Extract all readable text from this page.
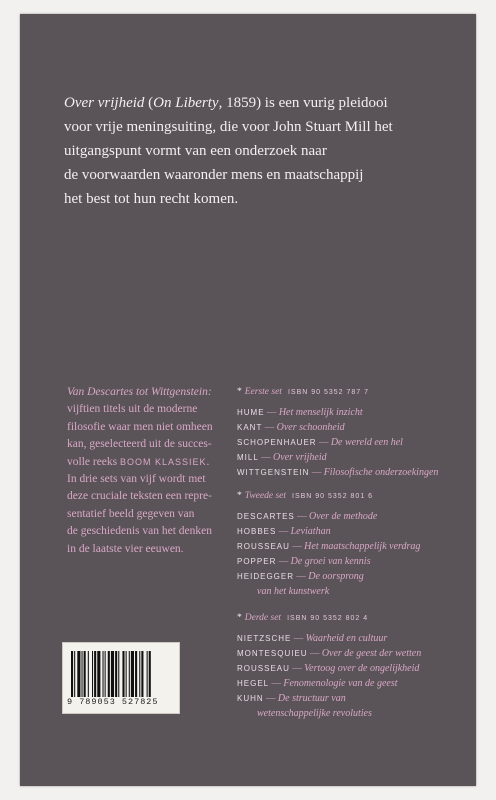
Over vrijheid (On Liberty, 1859) is een vurig pleidooi

voor vrije meningsuiting, die voor John Stuart Mill het

uitgangspunt vormt van een onderzoek naar

de voorwaarden waaronder mens en maatschappij

het best tot hun recht komen.

Van Descartes tot Wittgenstein:

vijftien titels uit de moderne

filosofie waar men niet omheen

kan, geselecteerd uit de succes-

volle reeks BOOM KLASSIEK.

In drie sets van vijf wordt met

deze cruciale teksten een repre-

sentatief beeld gegeven van

de geschiedenis van het denken

in de laatste vier eeuwen.

* Eerste set ISBN 90 5352 787 7
HUME — Het menselijk inzicht
KANT — Over schoonheid
SCHOPENHAUER — De wereld een hel
MILL — Over vrijheid
WITTGENSTEIN — Filosofische onderzoekingen
* Tweede set ISBN 90 5352 801 6
DESCARTES — Over de methode
HOBBES — Leviathan
ROUSSEAU — Het maatschappelijk verdrag
POPPER — De groei van kennis
HEIDEGGER — De oorsprong
van het kunstwerk
* Derde set ISBN 90 5352 802 4
NIETZSCHE — Waarheid en cultuur
MONTESQUIEU — Over de geest der wetten
ROUSSEAU — Vertoog over de ongelijkheid
HEGEL — Fenomenologie van de geest
KUHN — De structuur van
wetenschappelijke revoluties
9 789053 527825
